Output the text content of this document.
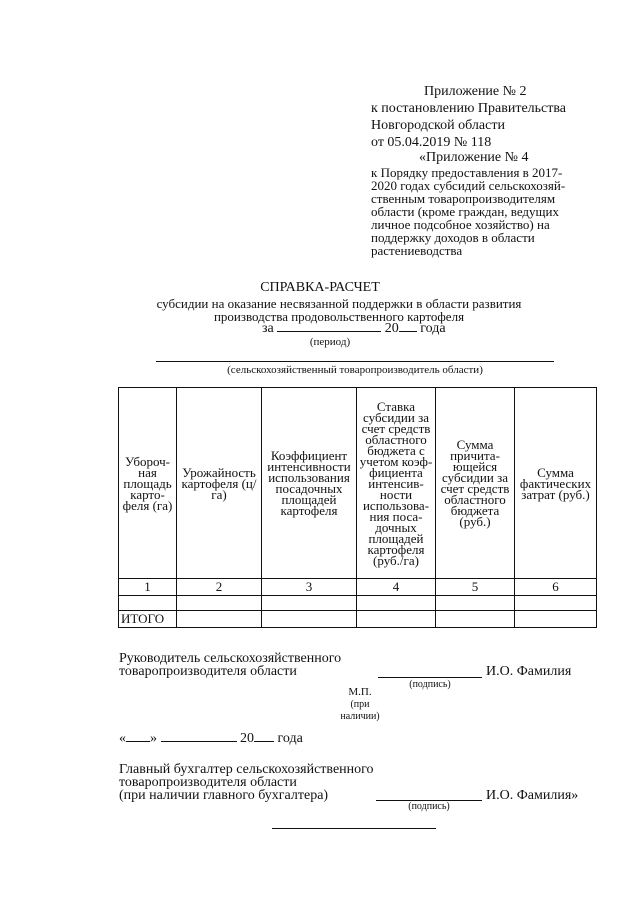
Приложение № 2
к постановлению Правительства
Новгородской области
от 05.04.2019 № 118
«Приложение № 4
к Порядку предоставления в 2017-
2020 годах субсидий сельскохозяй-
ственным товаропроизводителям
области (кроме граждан, ведущих
личное подсобное хозяйство) на
поддержку доходов в области
растениеводства
СПРАВКА-РАСЧЕТ
субсидии на оказание несвязанной поддержки в области развития
производства продовольственного картофеля
за	20 года
(период)
(сельскохозяйственный товаропроизводитель области)
Убороч-ная площадь карто-феля (га)	Урожайность картофеля (ц/га)	Коэффициент интенсивности использования посадочных площадей картофеля	Ставка субсидии за счет средств областного бюджета с учетом коэф-фициента интенсив-ности использова-ния поса-дочных площадей картофеля (руб./га)	Сумма причита-ющейся субсидии за счет средств областного бюджета (руб.)	Сумма фактических затрат (руб.)
1	2	3	4	5	6

ИТОГО					
Руководитель сельскохозяйственного
товаропроизводителя области	И.О. Фамилия
(подпись)
М.П.
(при
наличии)
« »	20 года
Главный бухгалтер сельскохозяйственного
товаропроизводителя области
(при наличии главного бухгалтера)	И.О. Фамилия»
(подпись)
